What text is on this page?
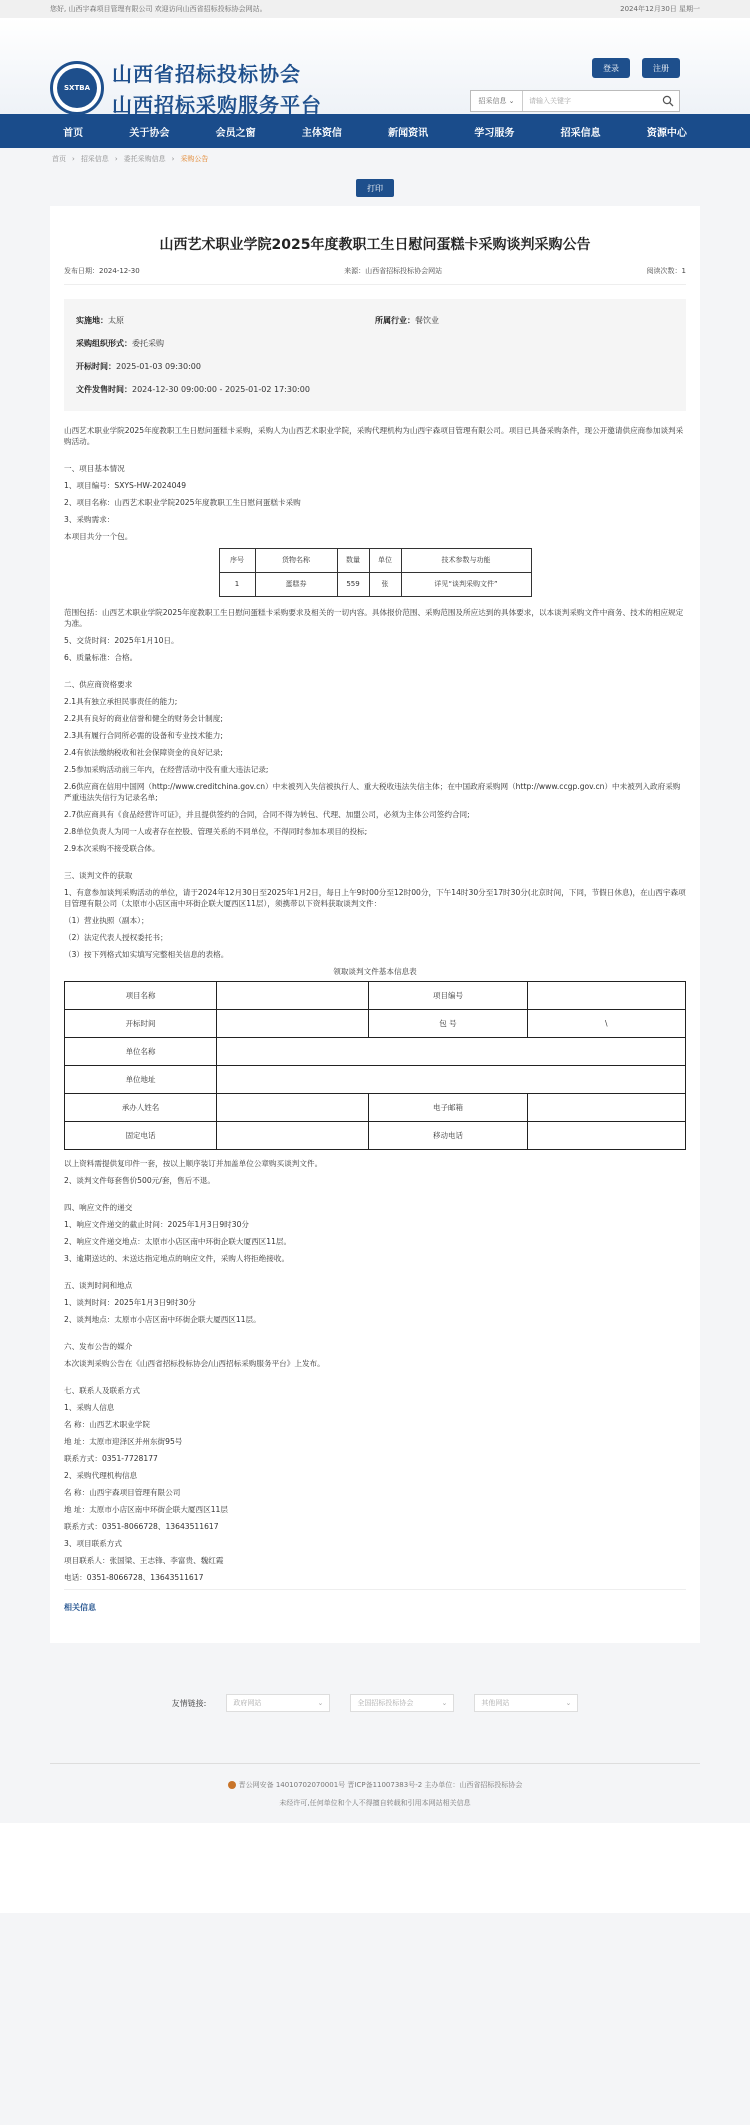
您好, 山西宇森项目管理有限公司 欢迎访问山西省招标投标协会网站。	2024年12月30日 星期一
SXTBA
山西省招标投标协会
山西招标采购服务平台
登录	注册
招采信息 ⌄	请输入关键字
首页	关于协会	会员之窗	主体资信	新闻资讯	学习服务	招采信息	资源中心
首页 › 招采信息 › 委托采购信息 › 采购公告
打印
山西艺术职业学院2025年度教职工生日慰问蛋糕卡采购谈判采购公告
发布日期：2024-12-30	来源：山西省招标投标协会网站	阅读次数：1
实施地：太原	所属行业：餐饮业
采购组织形式： 委托采购
开标时间： 2025-01-03 09:30:00
文件发售时间： 2024-12-30 09:00:00 - 2025-01-02 17:30:00

山西艺术职业学院2025年度教职工生日慰问蛋糕卡采购，采购人为山西艺术职业学院，采购代理机构为山西宇森项目管理有限公司。项目已具备采购条件，现公开邀请供应商参加谈判采购活动。

一、项目基本情况

1、项目编号：SXYS-HW-2024049

2、项目名称：山西艺术职业学院2025年度教职工生日慰问蛋糕卡采购

3、采购需求：

本项目共分一个包。

序号	货物名称	数量	单位	技术参数与功能
1	蛋糕券	559	张	详见“谈判采购文件”

范围包括：山西艺术职业学院2025年度教职工生日慰问蛋糕卡采购要求及相关的一切内容。具体报价范围、采购范围及所应达到的具体要求，以本谈判采购文件中商务、技术的相应规定为准。

5、交货时间：2025年1月10日。

6、质量标准：合格。

二、供应商资格要求

2.1具有独立承担民事责任的能力;

2.2具有良好的商业信誉和健全的财务会计制度;

2.3具有履行合同所必需的设备和专业技术能力;

2.4有依法缴纳税收和社会保障资金的良好记录;

2.5参加采购活动前三年内，在经营活动中没有重大违法记录;

2.6供应商在信用中国网（http://www.creditchina.gov.cn）中未被列入失信被执行人、重大税收违法失信主体；在中国政府采购网（http://www.ccgp.gov.cn）中未被列入政府采购严重违法失信行为记录名单;

2.7供应商具有《食品经营许可证》，并且提供签约的合同，合同不得为转包、代理、加盟公司，必须为主体公司签约合同;

2.8单位负责人为同一人或者存在控股、管理关系的不同单位，不得同时参加本项目的投标;

2.9本次采购不接受联合体。

三、谈判文件的获取

1、有意参加谈判采购活动的单位，请于2024年12月30日至2025年1月2日，每日上午9时00分至12时00分，下午14时30分至17时30分(北京时间，下同，节假日休息)，在山西宇森项目管理有限公司（太原市小店区南中环街企联大厦西区11层），须携带以下资料获取谈判文件：

（1）营业执照（副本）；

（2）法定代表人授权委托书；

（3）按下列格式如实填写完整相关信息的表格。

领取谈判文件基本信息表
项目名称		项目编号	
开标时间		包 号	\
单位名称			
单位地址			
承办人姓名		电子邮箱	
固定电话		移动电话	

以上资料需提供复印件一套，按以上顺序装订并加盖单位公章购买谈判文件。

2、谈判文件每套售价500元/套，售后不退。

四、响应文件的递交

1、响应文件递交的截止时间：2025年1月3日9时30分

2、响应文件递交地点：太原市小店区南中环街企联大厦西区11层。

3、逾期送达的、未送达指定地点的响应文件，采购人将拒绝接收。

五、谈判时间和地点

1、谈判时间：2025年1月3日9时30分

2、谈判地点：太原市小店区南中环街企联大厦西区11层。

六、发布公告的媒介

本次谈判采购公告在《山西省招标投标协会/山西招标采购服务平台》上发布。

七、联系人及联系方式

1、采购人信息

名 称：山西艺术职业学院

地 址：太原市迎泽区并州东街95号

联系方式：0351-7728177

2、采购代理机构信息

名 称：山西宇森项目管理有限公司

地 址：太原市小店区南中环街企联大厦西区11层

联系方式：0351-8066728、13643511617

3、项目联系方式

项目联系人：张国梁、王志锋、李富贵、魏红霞

电话：0351-8066728、13643511617

相关信息
友情链接:	政府网站	⌄	全国招标投标协会	⌄	其他网站	⌄
晋公网安备 14010702070001号 晋ICP备11007383号-2 主办单位：山西省招标投标协会
未经许可,任何单位和个人不得擅自转载和引用本网站相关信息
